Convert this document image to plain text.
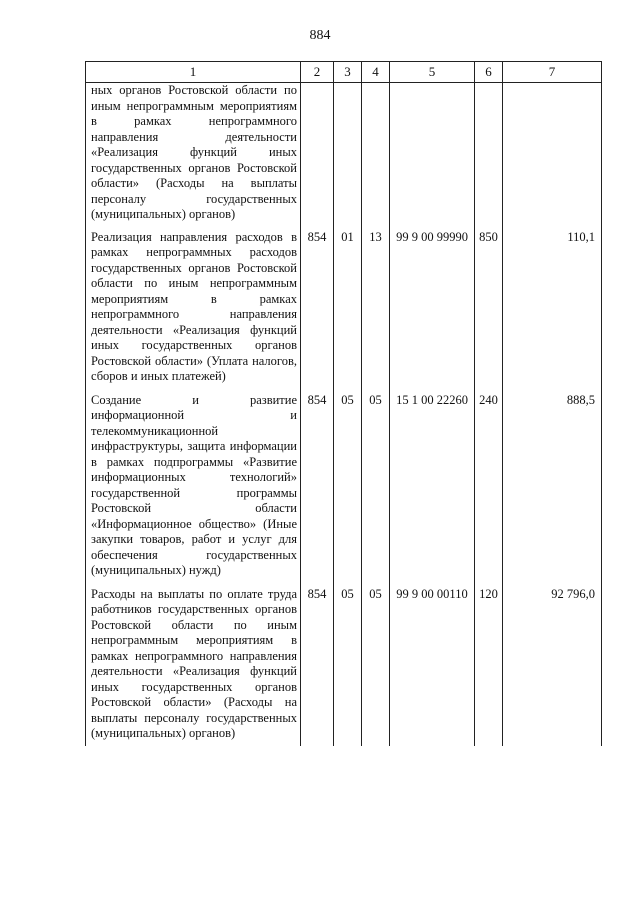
884
1	2	3	4	5	6	7
ных органов Ростовской области по иным непрограммным мероприятиям в рамках непрограммного направления деятельности «Реализация функций иных государственных органов Ростовской области» (Расходы на выплаты персоналу государственных (муниципальных) органов)						
Реализация направления расходов в рамках непрограммных расходов государственных органов Ростовской области по иным непрограммным мероприятиям в рамках непрограммного направления деятельности «Реализация функций иных государственных органов Ростовской области» (Уплата налогов, сборов и иных платежей)	854	01	13	99 9 00 99990	850	110,1
Создание и развитие информационной и телекоммуникационной инфраструктуры, защита информации в рамках подпрограммы «Развитие информационных технологий» государственной программы Ростовской области «Информационное общество» (Иные закупки товаров, работ и услуг для обеспечения государственных (муниципальных) нужд)	854	05	05	15 1 00 22260	240	888,5
Расходы на выплаты по оплате труда работников государственных органов Ростовской области по иным непрограммным мероприятиям в рамках непрограммного направления деятельности «Реализация функций иных государственных органов Ростовской области» (Расходы на выплаты персоналу государственных (муниципальных) органов)	854	05	05	99 9 00 00110	120	92 796,0
